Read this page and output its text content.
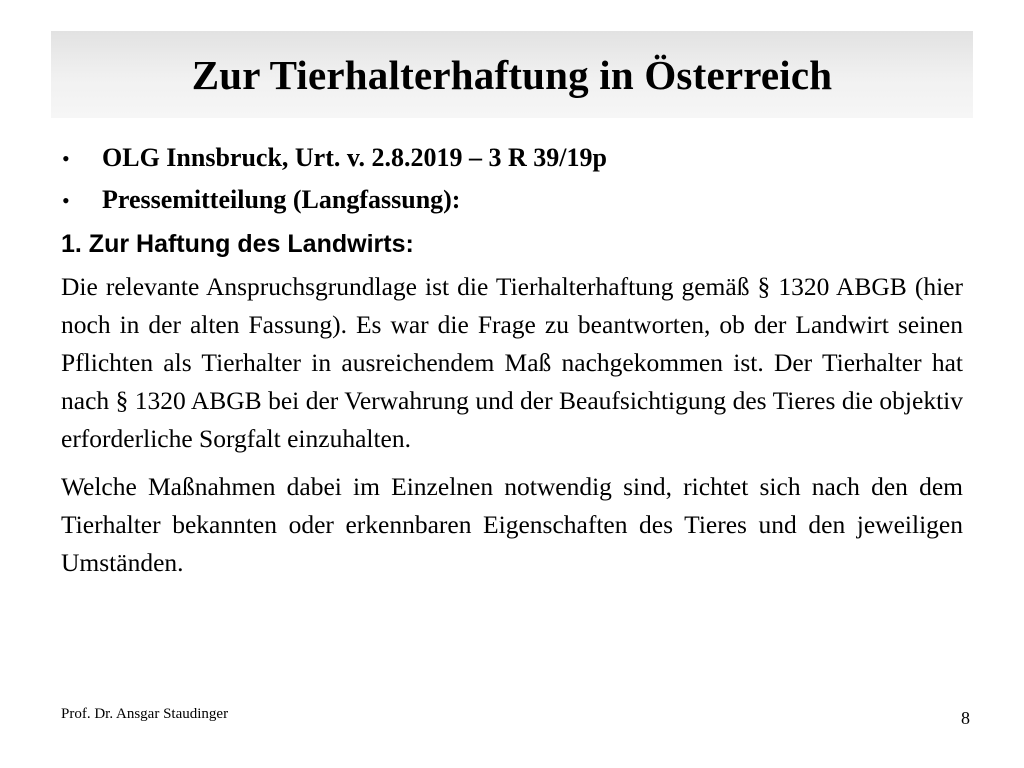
Zur Tierhalterhaftung in Österreich
•	OLG Innsbruck, Urt. v. 2.8.2019 – 3 R 39/19p
•	Pressemitteilung (Langfassung):
1. Zur Haftung des Landwirts:

Die relevante Anspruchsgrundlage ist die Tierhalterhaftung gemäß § 1320 ABGB (hier noch in der alten Fassung). Es war die Frage zu beantworten, ob der Landwirt seinen Pflichten als Tierhalter in ausreichendem Maß nachgekommen ist. Der Tierhalter hat nach § 1320 ABGB bei der Verwahrung und der Beaufsichtigung des Tieres die objektiv erforderliche Sorgfalt einzuhalten.

Welche Maßnahmen dabei im Einzelnen notwendig sind, richtet sich nach den dem Tierhalter bekannten oder erkennbaren Eigenschaften des Tieres und den jeweiligen Umständen.

Prof. Dr. Ansgar Staudinger	8
